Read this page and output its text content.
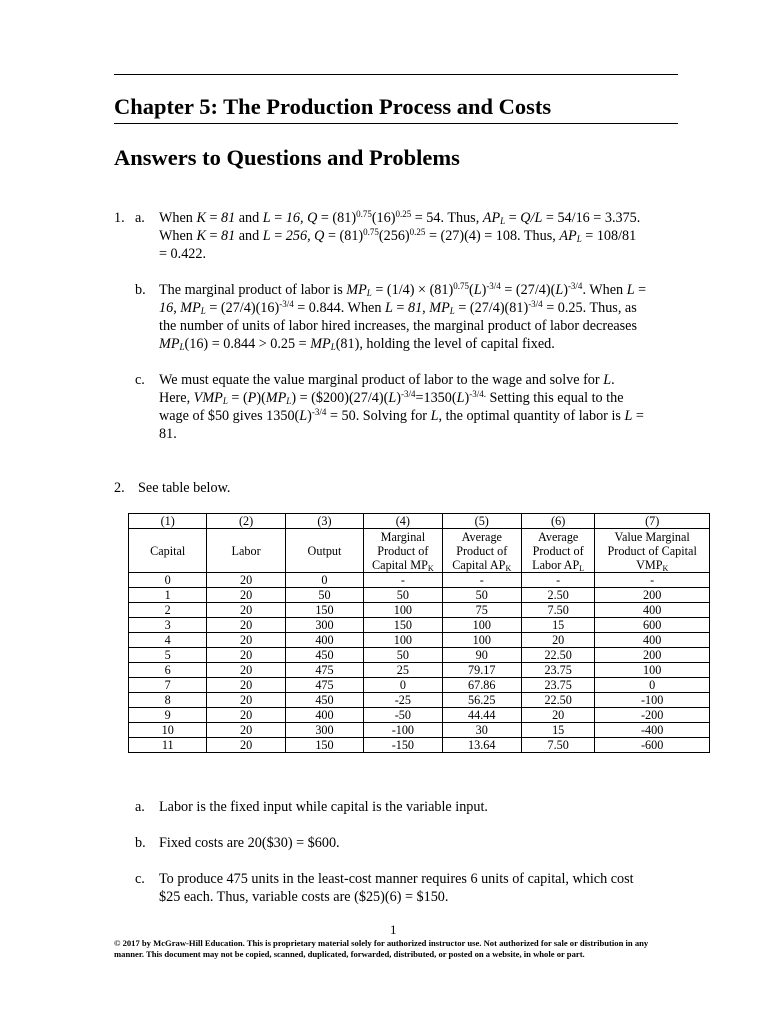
Chapter 5: The Production Process and Costs
Answers to Questions and Problems
1. a. When K = 81 and L = 16, $Q = (81)^{0.75}(16)^{0.25} = 54$. Thus, $AP_L = Q/L = 54/16 = 3.375$.
When K = 81 and L = 256, $Q = (81)^{0.75}(256)^{0.25} = (27)(4) = 108$. Thus, $AP_L = 108/81$
= 0.422.
b. The marginal product of labor is $MP_L = (1/4) \times (81)^{0.75}(L)^{-3/4} = (27/4)(L)^{-3/4}$. When L =
16, $MP_L = (27/4)(16)^{-3/4} = 0.844$. When L = 81, $MP_L = (27/4)(81)^{-3/4} = 0.25$. Thus, as
the number of units of labor hired increases, the marginal product of labor decreases
$MP_L(16) = 0.844 > 0.25 = MP_L(81)$, holding the level of capital fixed.
c. We must equate the value marginal product of labor to the wage and solve for L.
Here, $VMP_L = (P)(MP_L)$ = $(\$200)(27/4)(L)^{-3/4}=1350(L)^{-3/4.}$ Setting this equal to the
wage of $50 gives $1350(L)^{-3/4} = 50$. Solving for L, the optimal quantity of labor is L =
81.
2. See table below.
(1)	(2)	(3)	(4)	(5)	(6)	(7)
Capital	Labor	Output	Marginal Product of Capital $MP_K$	Average Product of Capital $AP_K$	Average Product of Labor $AP_L$	Value Marginal Product of Capital $VMP_K$
0	20	0	-	-	-	-
1	20	50	50	50	2.50	200
2	20	150	100	75	7.50	400
3	20	300	150	100	15	600
4	20	400	100	100	20	400
5	20	450	50	90	22.50	200
6	20	475	25	79.17	23.75	100
7	20	475	0	67.86	23.75	0
8	20	450	-25	56.25	22.50	-100
9	20	400	-50	44.44	20	-200
10	20	300	-100	30	15	-400
11	20	150	-150	13.64	7.50	-600
a. Labor is the fixed input while capital is the variable input.
b. Fixed costs are 20($30) = $600.
c. To produce 475 units in the least-cost manner requires 6 units of capital, which cost
$25 each. Thus, variable costs are ($25)(6) = $150.
1
© 2017 by McGraw-Hill Education. This is proprietary material solely for authorized instructor use. Not authorized for sale or distribution in any
manner. This document may not be copied, scanned, duplicated, forwarded, distributed, or posted on a website, in whole or part.
